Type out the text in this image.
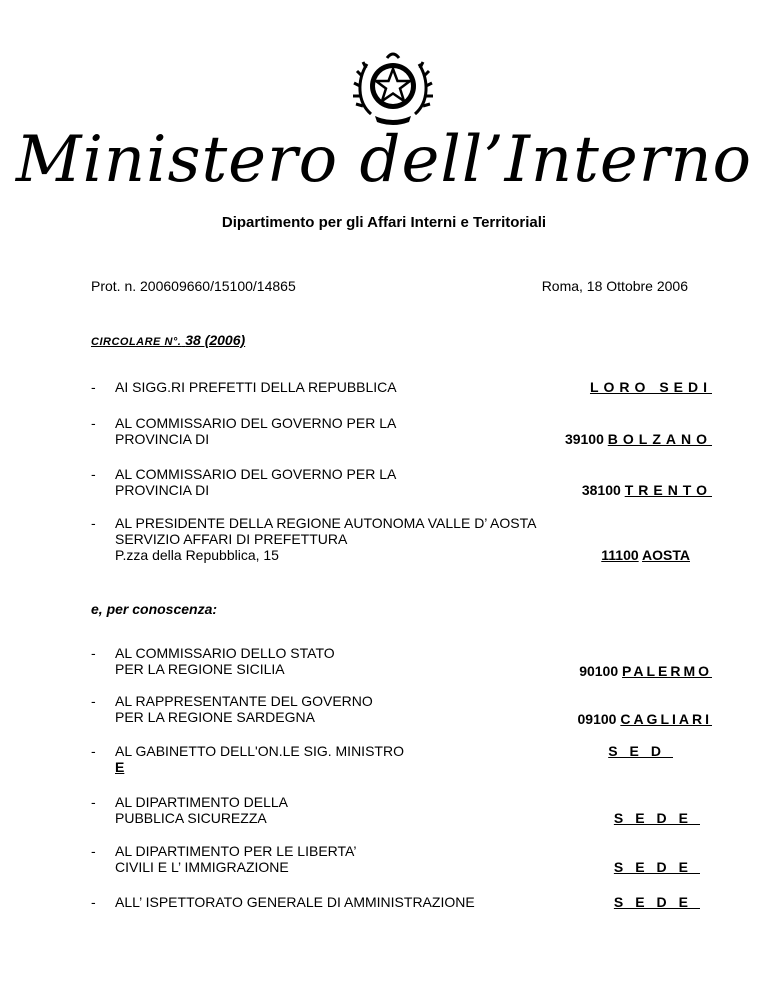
Ministero dell’Interno
Dipartimento per gli Affari Interni e Territoriali
Prot. n. 200609660/15100/14865	Roma, 18 Ottobre 2006
CIRCOLARE N°. 38 (2006)
- AI SIGG.RI PREFETTI DELLA REPUBBLICA	LORO SEDI
- AL COMMISSARIO DEL GOVERNO PER LA
PROVINCIA DI	39100 BOLZANO
- AL COMMISSARIO DEL GOVERNO PER LA
PROVINCIA DI	38100 TRENTO
- AL PRESIDENTE DELLA REGIONE AUTONOMA VALLE D’ AOSTA
SERVIZIO AFFARI DI PREFETTURA
P.zza della Repubblica, 15	11100 AOSTA
e, per conoscenza:
- AL COMMISSARIO DELLO STATO
PER LA REGIONE SICILIA	90100 PALERMO
- AL RAPPRESENTANTE DEL GOVERNO
PER LA REGIONE SARDEGNA	09100 CAGLIARI
- AL GABINETTO DELL'ON.LE SIG. MINISTRO
E
SED
- AL DIPARTIMENTO DELLA
PUBBLICA SICUREZZA	SEDE
- AL DIPARTIMENTO PER LE LIBERTA’
CIVILI E L’ IMMIGRAZIONE	SEDE
- ALL’ ISPETTORATO GENERALE DI AMMINISTRAZIONE	SEDE
